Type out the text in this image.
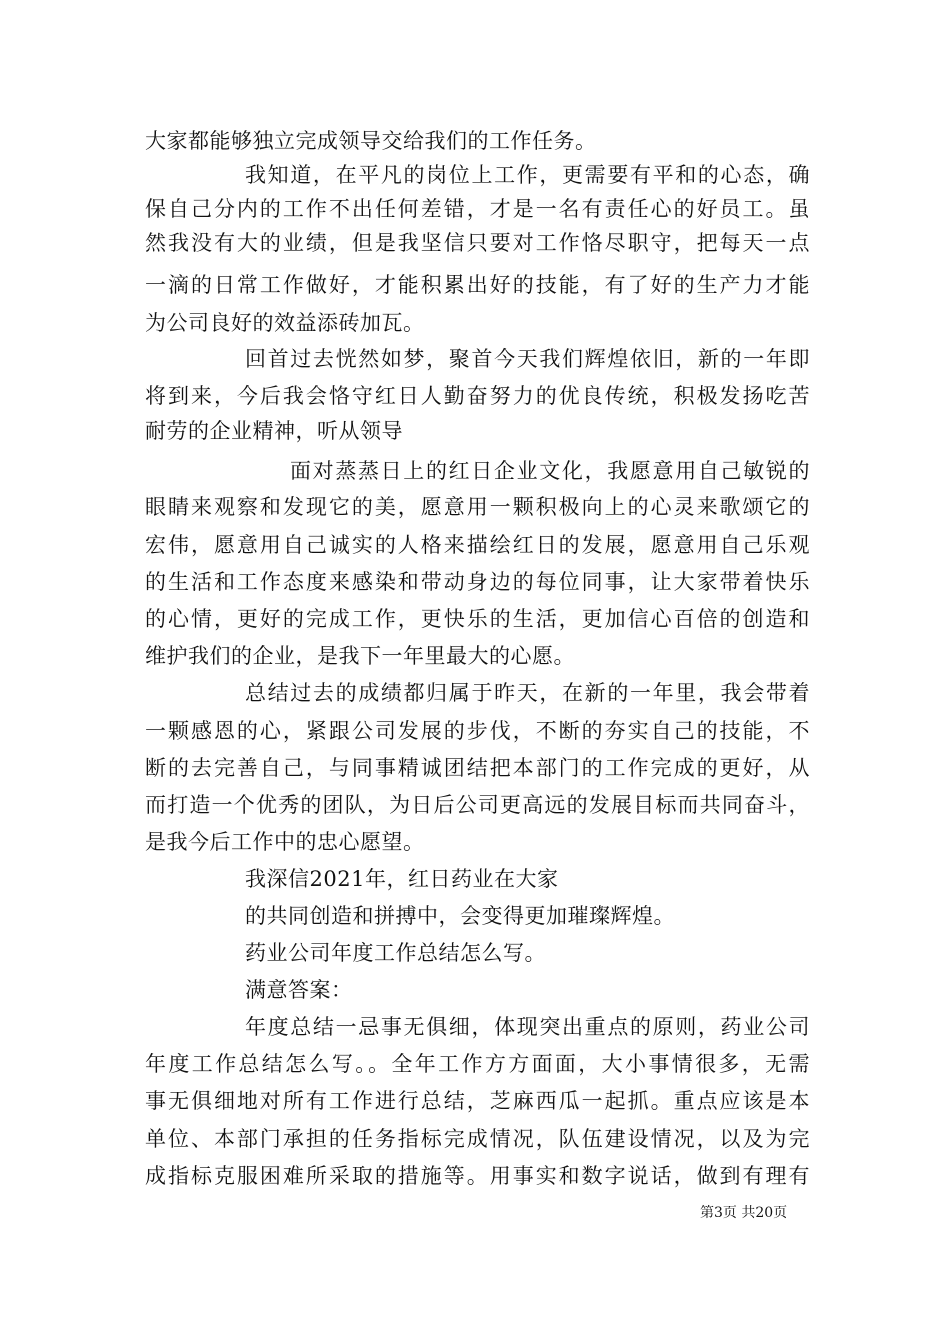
大家都能够独立完成领导交给我们的工作任务。
我知道，在平凡的岗位上工作，更需要有平和的心态，确
保自己分内的工作不出任何差错，才是一名有责任心的好员工。虽
然我没有大的业绩，但是我坚信只要对工作恪尽职守，把每天一点
一滴的日常工作做好，才能积累出好的技能，有了好的生产力才能
为公司良好的效益添砖加瓦。
回首过去恍然如梦，聚首今天我们辉煌依旧，新的一年即
将到来，今后我会恪守红日人勤奋努力的优良传统，积极发扬吃苦
耐劳的企业精神，听从领导
面对蒸蒸日上的红日企业文化，我愿意用自己敏锐的
眼睛来观察和发现它的美，愿意用一颗积极向上的心灵来歌颂它的
宏伟，愿意用自己诚实的人格来描绘红日的发展，愿意用自己乐观
的生活和工作态度来感染和带动身边的每位同事，让大家带着快乐
的心情，更好的完成工作，更快乐的生活，更加信心百倍的创造和
维护我们的企业，是我下一年里最大的心愿。
总结过去的成绩都归属于昨天，在新的一年里，我会带着
一颗感恩的心，紧跟公司发展的步伐，不断的夯实自己的技能，不
断的去完善自己，与同事精诚团结把本部门的工作完成的更好，从
而打造一个优秀的团队，为日后公司更高远的发展目标而共同奋斗，
是我今后工作中的忠心愿望。
我深信2021年，红日药业在大家
的共同创造和拼搏中，会变得更加璀璨辉煌。
药业公司年度工作总结怎么写。
满意答案：
年度总结一忌事无俱细，体现突出重点的原则，药业公司
年度工作总结怎么写。。全年工作方方面面，大小事情很多，无需
事无俱细地对所有工作进行总结，芝麻西瓜一起抓。重点应该是本
单位、本部门承担的任务指标完成情况，队伍建设情况，以及为完
成指标克服困难所采取的措施等。用事实和数字说话，做到有理有
第3页 共20页
